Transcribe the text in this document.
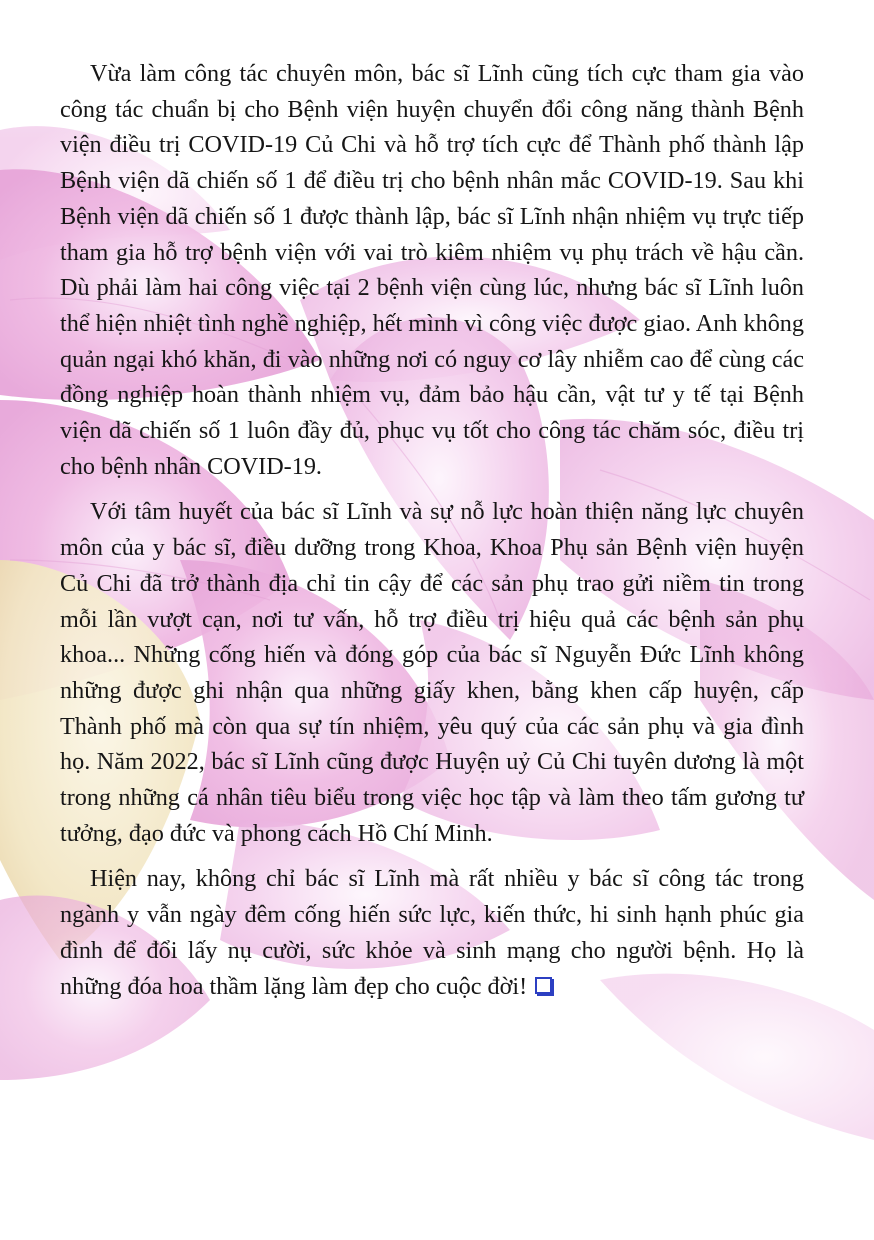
Vừa làm công tác chuyên môn, bác sĩ Lĩnh cũng tích cực tham gia vào công tác chuẩn bị cho Bệnh viện huyện chuyển đổi công năng thành Bệnh viện điều trị COVID-19 Củ Chi và hỗ trợ tích cực để Thành phố thành lập Bệnh viện dã chiến số 1 để điều trị cho bệnh nhân mắc COVID-19. Sau khi Bệnh viện dã chiến số 1 được thành lập, bác sĩ Lĩnh nhận nhiệm vụ trực tiếp tham gia hỗ trợ bệnh viện với vai trò kiêm nhiệm vụ phụ trách về hậu cần. Dù phải làm hai công việc tại 2 bệnh viện cùng lúc, nhưng bác sĩ Lĩnh luôn thể hiện nhiệt tình nghề nghiệp, hết mình vì công việc được giao. Anh không quản ngại khó khăn, đi vào những nơi có nguy cơ lây nhiễm cao để cùng các đồng nghiệp hoàn thành nhiệm vụ, đảm bảo hậu cần, vật tư y tế tại Bệnh viện dã chiến số 1 luôn đầy đủ, phục vụ tốt cho công tác chăm sóc, điều trị cho bệnh nhân COVID-19.

Với tâm huyết của bác sĩ Lĩnh và sự nỗ lực hoàn thiện năng lực chuyên môn của y bác sĩ, điều dưỡng trong Khoa, Khoa Phụ sản Bệnh viện huyện Củ Chi đã trở thành địa chỉ tin cậy để các sản phụ trao gửi niềm tin trong mỗi lần vượt cạn, nơi tư vấn, hỗ trợ điều trị hiệu quả các bệnh sản phụ khoa... Những cống hiến và đóng góp của bác sĩ Nguyễn Đức Lĩnh không những được ghi nhận qua những giấy khen, bằng khen cấp huyện, cấp Thành phố mà còn qua sự tín nhiệm, yêu quý của các sản phụ và gia đình họ. Năm 2022, bác sĩ Lĩnh cũng được Huyện uỷ Củ Chi tuyên dương là một trong những cá nhân tiêu biểu trong việc học tập và làm theo tấm gương tư tưởng, đạo đức và phong cách Hồ Chí Minh.

Hiện nay, không chỉ bác sĩ Lĩnh mà rất nhiều y bác sĩ công tác trong ngành y vẫn ngày đêm cống hiến sức lực, kiến thức, hi sinh hạnh phúc gia đình để đổi lấy nụ cười, sức khỏe và sinh mạng cho người bệnh. Họ là những đóa hoa thầm lặng làm đẹp cho cuộc đời!
